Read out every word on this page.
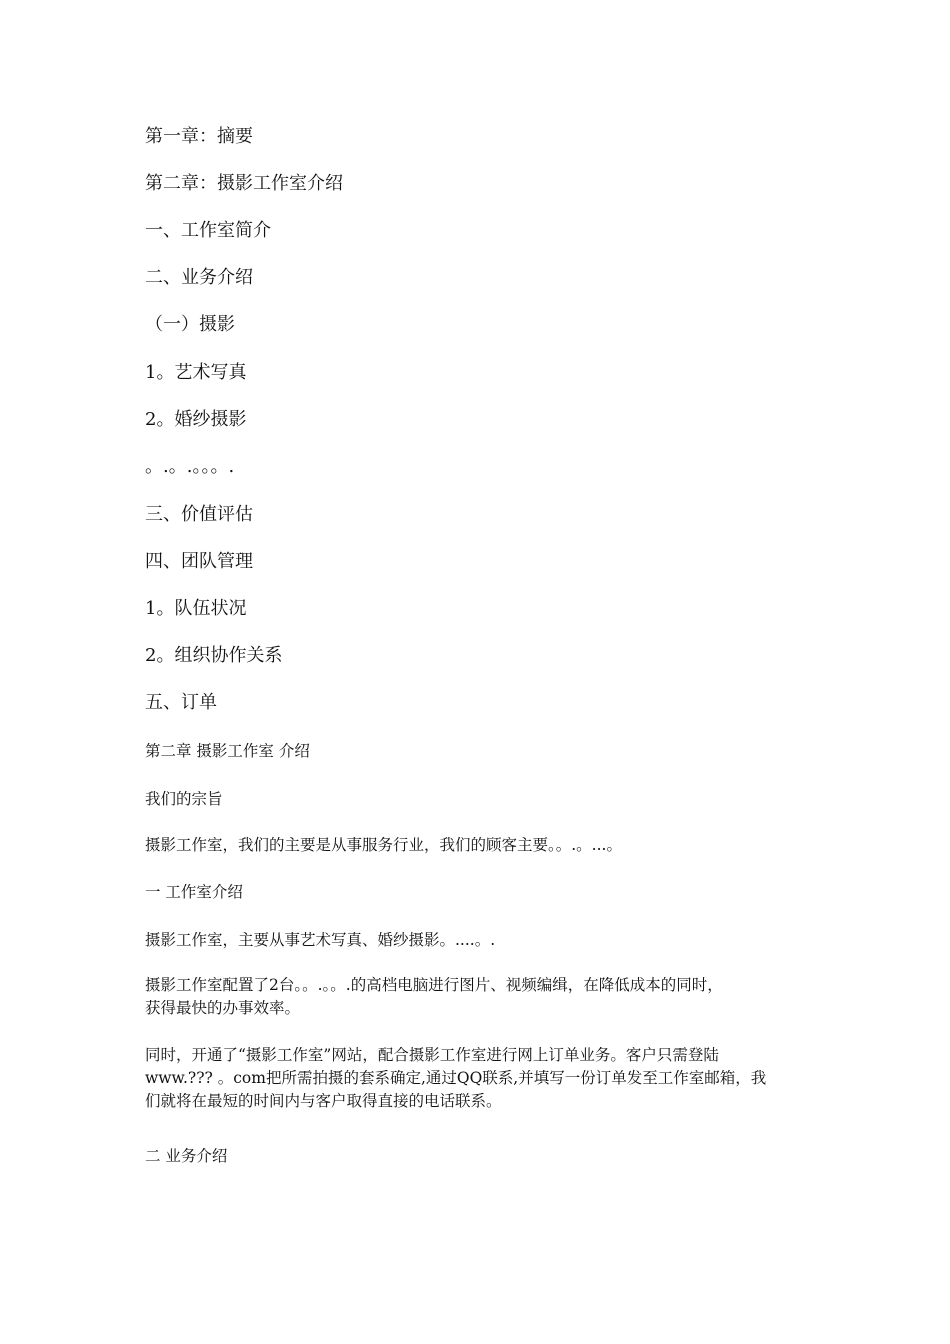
第一章：摘要
第二章：摄影工作室介绍
一、工作室简介
二、业务介绍
（一）摄影
1。艺术写真
2。婚纱摄影
。.。.。。。.
三、价值评估
四、团队管理
1。队伍状况
2。组织协作关系
五、订单
第二章 摄影工作室 介绍
我们的宗旨
摄影工作室，我们的主要是从事服务行业，我们的顾客主要。。.。...。
一 工作室介绍
摄影工作室，主要从事艺术写真、婚纱摄影。....。.
摄影工作室配置了2台。。.。。.的高档电脑进行图片、视频编缉，在降低成本的同时，
获得最快的办事效率。
同时，开通了“摄影工作室”网站，配合摄影工作室进行网上订单业务。客户只需登陆
www.??? 。com把所需拍摄的套系确定,通过QQ联系,并填写一份订单发至工作室邮箱，我
们就将在最短的时间内与客户取得直接的电话联系。
二 业务介绍
